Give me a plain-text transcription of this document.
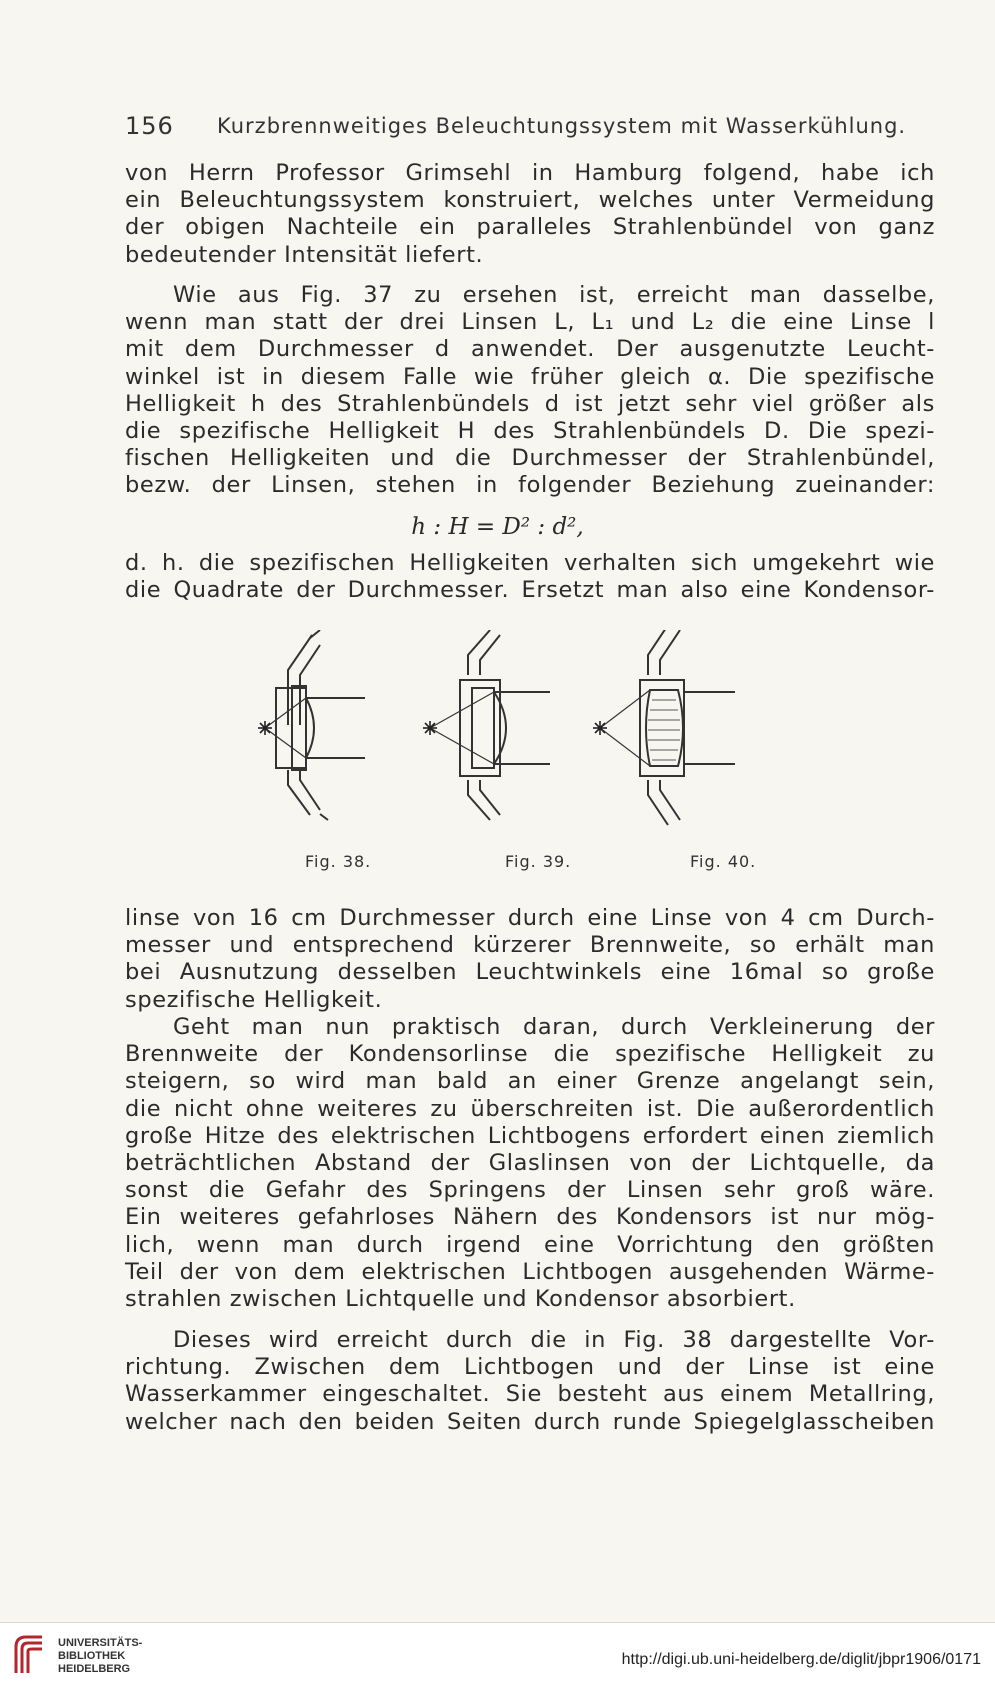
156 Kurzbrennweitiges Beleuchtungssystem mit Wasserkühlung.
von Herrn Professor Grimsehl in Hamburg folgend, habe ich
ein Beleuchtungssystem konstruiert, welches unter Vermeidung
der obigen Nachteile ein paralleles Strahlenbündel von ganz
bedeutender Intensität liefert.
Wie aus Fig. 37 zu ersehen ist, erreicht man dasselbe,
wenn man statt der drei Linsen L, L₁ und L₂ die eine Linse l
mit dem Durchmesser d anwendet. Der ausgenutzte Leucht-
winkel ist in diesem Falle wie früher gleich α. Die spezifische
Helligkeit h des Strahlenbündels d ist jetzt sehr viel größer als
die spezifische Helligkeit H des Strahlenbündels D. Die spezi-
fischen Helligkeiten und die Durchmesser der Strahlenbündel,
bezw. der Linsen, stehen in folgender Beziehung zueinander:
h : H = D² : d²,
d. h. die spezifischen Helligkeiten verhalten sich umgekehrt wie
die Quadrate der Durchmesser. Ersetzt man also eine Kondensor-
Fig. 38.	Fig. 39.	Fig. 40.
linse von 16 cm Durchmesser durch eine Linse von 4 cm Durch-
messer und entsprechend kürzerer Brennweite, so erhält man
bei Ausnutzung desselben Leuchtwinkels eine 16mal so große
spezifische Helligkeit.
Geht man nun praktisch daran, durch Verkleinerung der
Brennweite der Kondensorlinse die spezifische Helligkeit zu
steigern, so wird man bald an einer Grenze angelangt sein,
die nicht ohne weiteres zu überschreiten ist. Die außerordentlich
große Hitze des elektrischen Lichtbogens erfordert einen ziemlich
beträchtlichen Abstand der Glaslinsen von der Lichtquelle, da
sonst die Gefahr des Springens der Linsen sehr groß wäre.
Ein weiteres gefahrloses Nähern des Kondensors ist nur mög-
lich, wenn man durch irgend eine Vorrichtung den größten
Teil der von dem elektrischen Lichtbogen ausgehenden Wärme-
strahlen zwischen Lichtquelle und Kondensor absorbiert.
Dieses wird erreicht durch die in Fig. 38 dargestellte Vor-
richtung. Zwischen dem Lichtbogen und der Linse ist eine
Wasserkammer eingeschaltet. Sie besteht aus einem Metallring,
welcher nach den beiden Seiten durch runde Spiegelglasscheiben
UNIVERSITÄTS-
BIBLIOTHEK
HEIDELBERG
http://digi.ub.uni-heidelberg.de/diglit/jbpr1906/0171
